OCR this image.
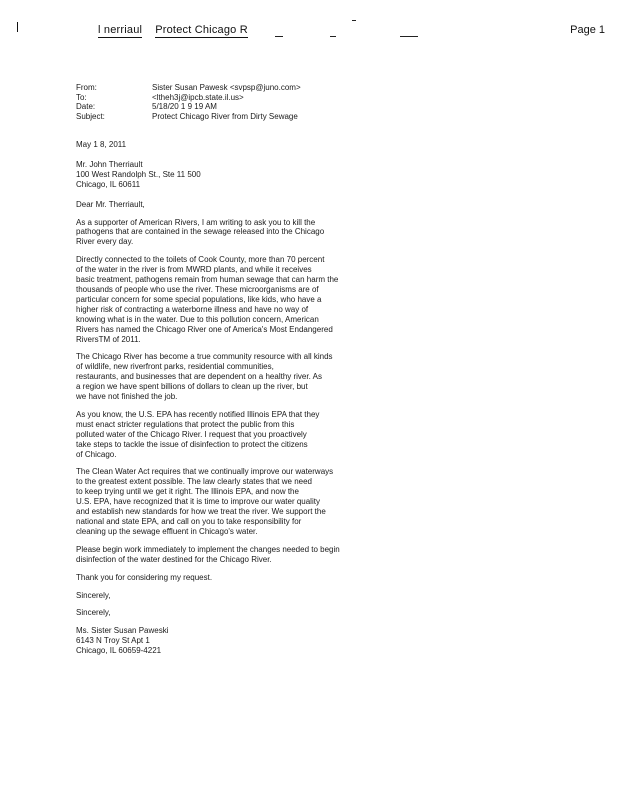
l nerriaul Protect Chicago R	Page 1
From:	Sister Susan Pawesk <svpsp@juno.com>
To:	<ltheh3j@ipcb.state.il.us>
Date:	5/18/20 1 9 19 AM
Subject:	Protect Chicago River from Dirty Sewage

May 1 8, 2011

Mr. John Therriault
100 West Randolph St., Ste 11 500
Chicago, IL 60611

Dear Mr. Therriault,

As a supporter of American Rivers, I am writing to ask you to kill the
pathogens that are contained in the sewage released into the Chicago
River every day.

Directly connected to the toilets of Cook County, more than 70 percent
of the water in the river is from MWRD plants, and while it receives
basic treatment, pathogens remain from human sewage that can harm the
thousands of people who use the river. These microorganisms are of
particular concern for some special populations, like kids, who have a
higher risk of contracting a waterborne illness and have no way of
knowing what is in the water. Due to this pollution concern, American
Rivers has named the Chicago River one of America's Most Endangered
RiversTM of 2011.

The Chicago River has become a true community resource with all kinds
of wildlife, new riverfront parks, residential communities,
restaurants, and businesses that are dependent on a healthy river. As
a region we have spent billions of dollars to clean up the river, but
we have not finished the job.

As you know, the U.S. EPA has recently notified Illinois EPA that they
must enact stricter regulations that protect the public from this
polluted water of the Chicago River. I request that you proactively
take steps to tackle the issue of disinfection to protect the citizens
of Chicago.

The Clean Water Act requires that we continually improve our waterways
to the greatest extent possible. The law clearly states that we need
to keep trying until we get it right. The Illinois EPA, and now the
U.S. EPA, have recognized that it is time to improve our water quality
and establish new standards for how we treat the river. We support the
national and state EPA, and call on you to take responsibility for
cleaning up the sewage effluent in Chicago's water.

Please begin work immediately to implement the changes needed to begin
disinfection of the water destined for the Chicago River.

Thank you for considering my request.

Sincerely,

Sincerely,

Ms. Sister Susan Paweski
6143 N Troy St Apt 1
Chicago, IL 60659-4221
